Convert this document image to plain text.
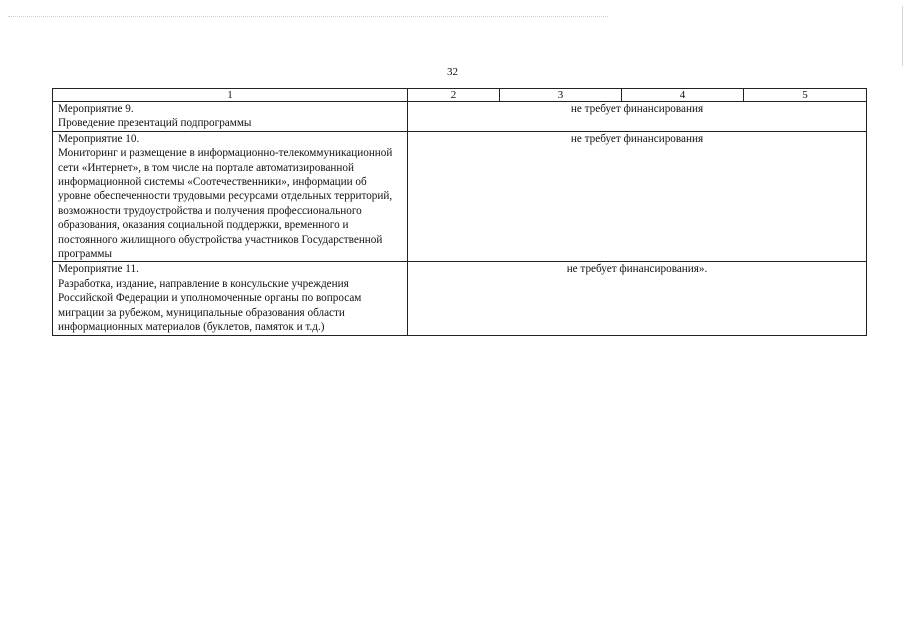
32
1	2	3	4	5

Мероприятие 9.
Проведение презентаций подпрограммы	не требует финансирования			

Мероприятие 10.
Мониторинг и размещение в информационно-телекоммуникационной сети «Интернет», в том числе на портале автоматизированной информационной системы «Соотечественники», информации об уровне обеспеченности трудовыми ресурсами отдельных территорий, возможности трудоустройства и получения профессионального образования, оказания социальной поддержки, временного и постоянного жилищного обустройства участников Государственной программы	не требует финансирования			

Мероприятие 11.
Разработка, издание, направление в консульские учреждения Российской Федерации и уполномоченные органы по вопросам миграции за рубежом, муниципальные образования области информационных материалов (буклетов, памяток и т.д.)	не требует финансирования».			
